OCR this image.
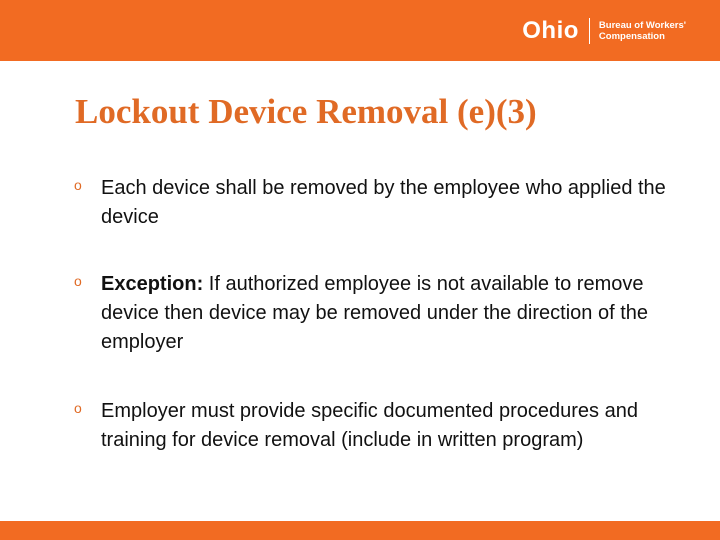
Ohio Bureau of Workers'
Compensation
Lockout Device Removal (e)(3)
o Each device shall be removed by the employee who applied the device

o Exception: If authorized employee is not available to remove device then device may be removed under the direction of the employer

o Employer must provide specific documented procedures and training for device removal (include in written program)
